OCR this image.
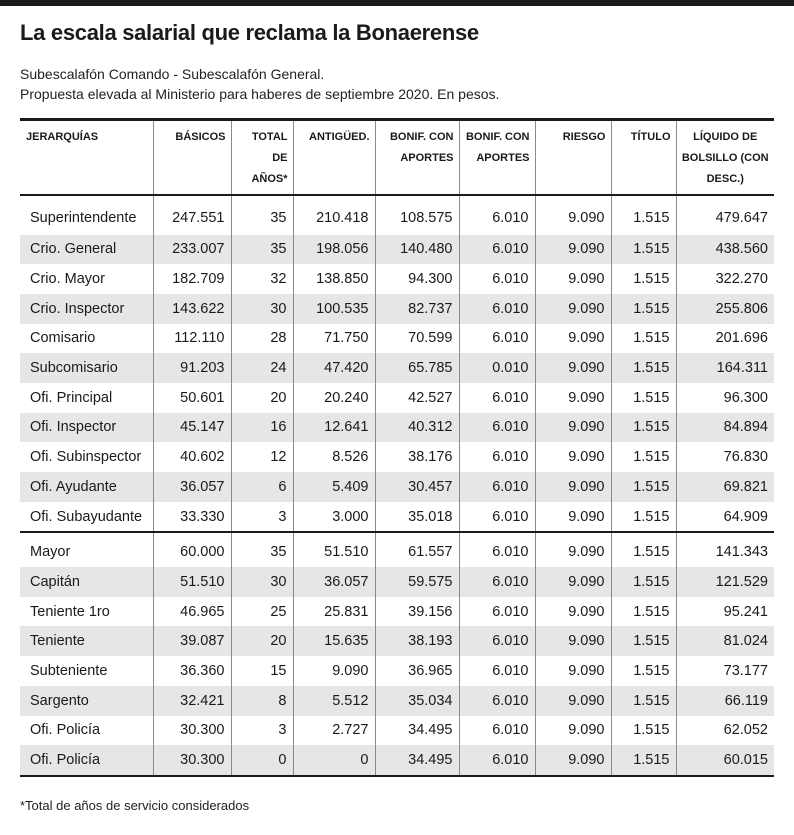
La escala salarial que reclama la Bonaerense
Subescalafón Comando - Subescalafón General.
Propuesta elevada al Ministerio para haberes de septiembre 2020. En pesos.
JERARQUÍAS	BÁSICOS	TOTAL DE AÑOS*	ANTIGÜED.	BONIF. CON APORTES	BONIF. CON APORTES	RIESGO	TÍTULO	LÍQUIDO DE BOLSILLO (CON DESC.)
Superintendente	247.551	35	210.418	108.575	6.010	9.090	1.515	479.647
Crio. General	233.007	35	198.056	140.480	6.010	9.090	1.515	438.560
Crio. Mayor	182.709	32	138.850	94.300	6.010	9.090	1.515	322.270
Crio. Inspector	143.622	30	100.535	82.737	6.010	9.090	1.515	255.806
Comisario	112.110	28	71.750	70.599	6.010	9.090	1.515	201.696
Subcomisario	91.203	24	47.420	65.785	0.010	9.090	1.515	164.311
Ofi. Principal	50.601	20	20.240	42.527	6.010	9.090	1.515	96.300
Ofi. Inspector	45.147	16	12.641	40.312	6.010	9.090	1.515	84.894
Ofi. Subinspector	40.602	12	8.526	38.176	6.010	9.090	1.515	76.830
Ofi. Ayudante	36.057	6	5.409	30.457	6.010	9.090	1.515	69.821
Ofi. Subayudante	33.330	3	3.000	35.018	6.010	9.090	1.515	64.909
Mayor	60.000	35	51.510	61.557	6.010	9.090	1.515	141.343
Capitán	51.510	30	36.057	59.575	6.010	9.090	1.515	121.529
Teniente 1ro	46.965	25	25.831	39.156	6.010	9.090	1.515	95.241
Teniente	39.087	20	15.635	38.193	6.010	9.090	1.515	81.024
Subteniente	36.360	15	9.090	36.965	6.010	9.090	1.515	73.177
Sargento	32.421	8	5.512	35.034	6.010	9.090	1.515	66.119
Ofi. Policía	30.300	3	2.727	34.495	6.010	9.090	1.515	62.052
Ofi. Policía	30.300	0	0	34.495	6.010	9.090	1.515	60.015
*Total de años de servicio considerados
